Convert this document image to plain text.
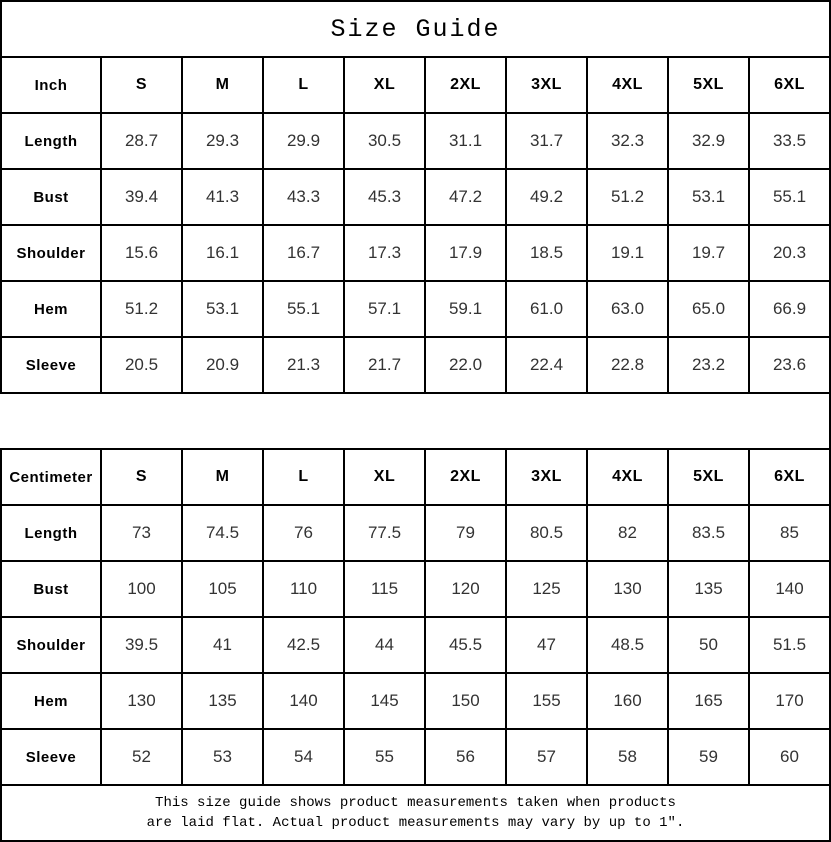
Size Guide									
Inch	S	M	L	XL	2XL	3XL	4XL	5XL	6XL
Length	28.7	29.3	29.9	30.5	31.1	31.7	32.3	32.9	33.5
Bust	39.4	41.3	43.3	45.3	47.2	49.2	51.2	53.1	55.1
Shoulder	15.6	16.1	16.7	17.3	17.9	18.5	19.1	19.7	20.3
Hem	51.2	53.1	55.1	57.1	59.1	61.0	63.0	65.0	66.9
Sleeve	20.5	20.9	21.3	21.7	22.0	22.4	22.8	23.2	23.6
Centimeter	S	M	L	XL	2XL	3XL	4XL	5XL	6XL
Length	73	74.5	76	77.5	79	80.5	82	83.5	85
Bust	100	105	110	115	120	125	130	135	140
Shoulder	39.5	41	42.5	44	45.5	47	48.5	50	51.5
Hem	130	135	140	145	150	155	160	165	170
Sleeve	52	53	54	55	56	57	58	59	60

This size guide shows product measurements taken when products
are laid flat. Actual product measurements may vary by up to 1″.									
